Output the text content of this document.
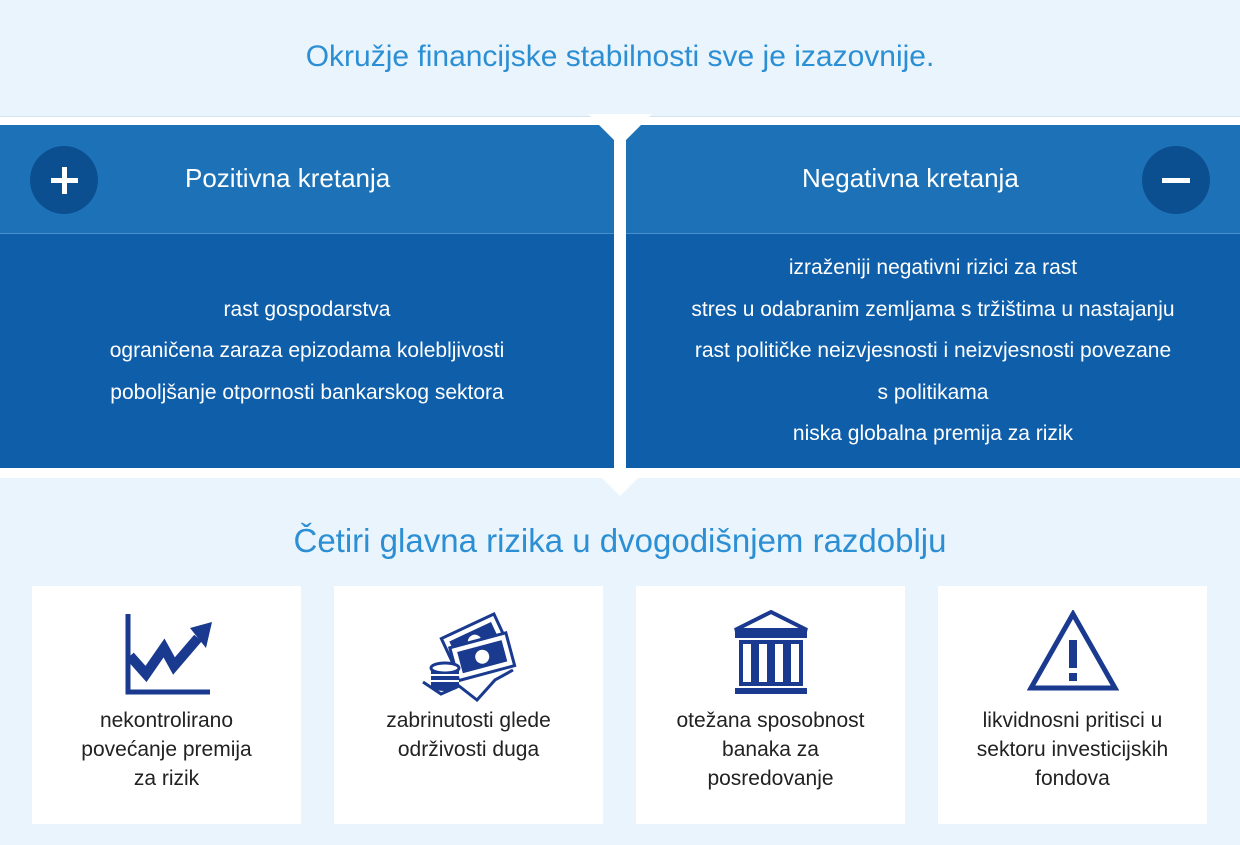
Okružje financijske stabilnosti sve je izazovnije.
Pozitivna kretanja
rast gospodarstva
ograničena zaraza epizodama kolebljivosti
poboljšanje otpornosti bankarskog sektora
Negativna kretanja
izraženiji negativni rizici za rast
stres u odabranim zemljama s tržištima u nastajanju
rast političke neizvjesnosti i neizvjesnosti povezane
s politikama
niska globalna premija za rizik
Četiri glavna rizika u dvogodišnjem razdoblju
nekontrolirano
povećanje premija
za rizik
zabrinutosti glede
održivosti duga
otežana sposobnost
banaka za
posredovanje
likvidnosni pritisci u
sektoru investicijskih
fondova
